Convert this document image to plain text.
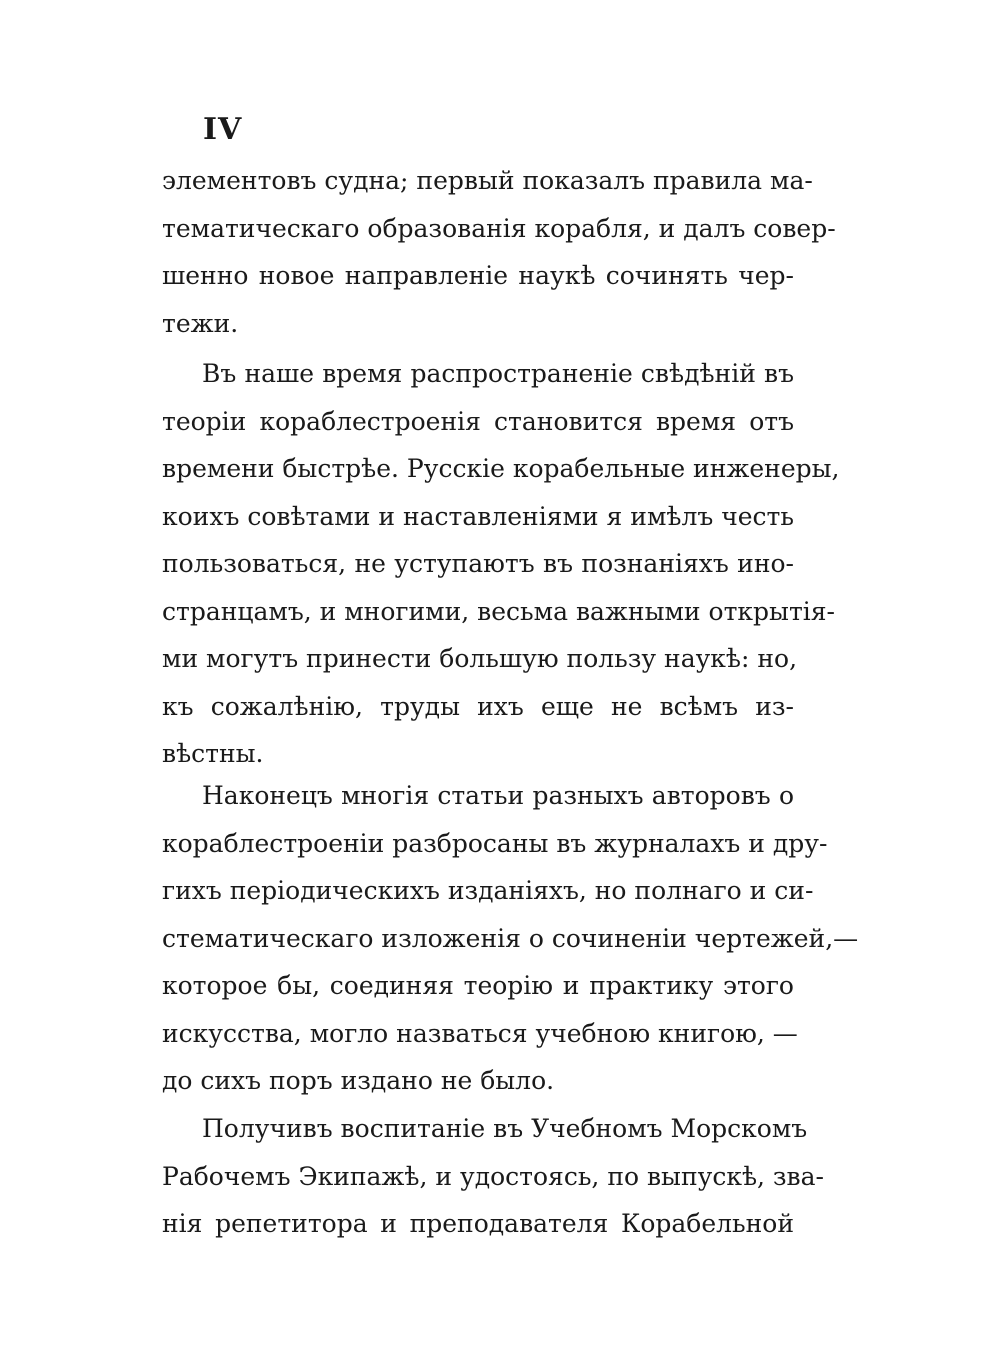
IV
элементовъ судна; первый показалъ правила ма-
тематическаго образованія корабля, и далъ совер-
шенно новое направленіе наукѣ сочинять чер-
тежи.
Въ наше время распространеніе свѣдѣній въ
теоріи кораблестроенія становится время отъ
времени быстрѣе. Руcскіе корабельные инженеры,
коихъ совѣтами и наставленіями я имѣлъ честь
пользоваться, не уступаютъ въ познаніяхъ ино-
странцамъ, и многими, весьма важными открытія-
ми могутъ принести большую пользу наукѣ: но,
къ сожалѣнію, труды ихъ еще не всѣмъ из-
вѣстны.
Наконецъ многія статьи разныхъ авторовъ о
кораблестроеніи разбросаны въ журналахъ и дру-
гихъ періодическихъ изданіяхъ, но полнаго и си-
стематическаго изложенія о сочиненіи чертежей,—
которое бы, соединяя теорію и практику этого
искусства, могло назваться учебною книгою, —
до сихъ поръ издано не было.
Получивъ воспитаніе въ Учебномъ Морскомъ
Рабочемъ Экипажѣ, и удостоясь, по выпускѣ, зва-
нія репетитора и преподавателя Корабельной
